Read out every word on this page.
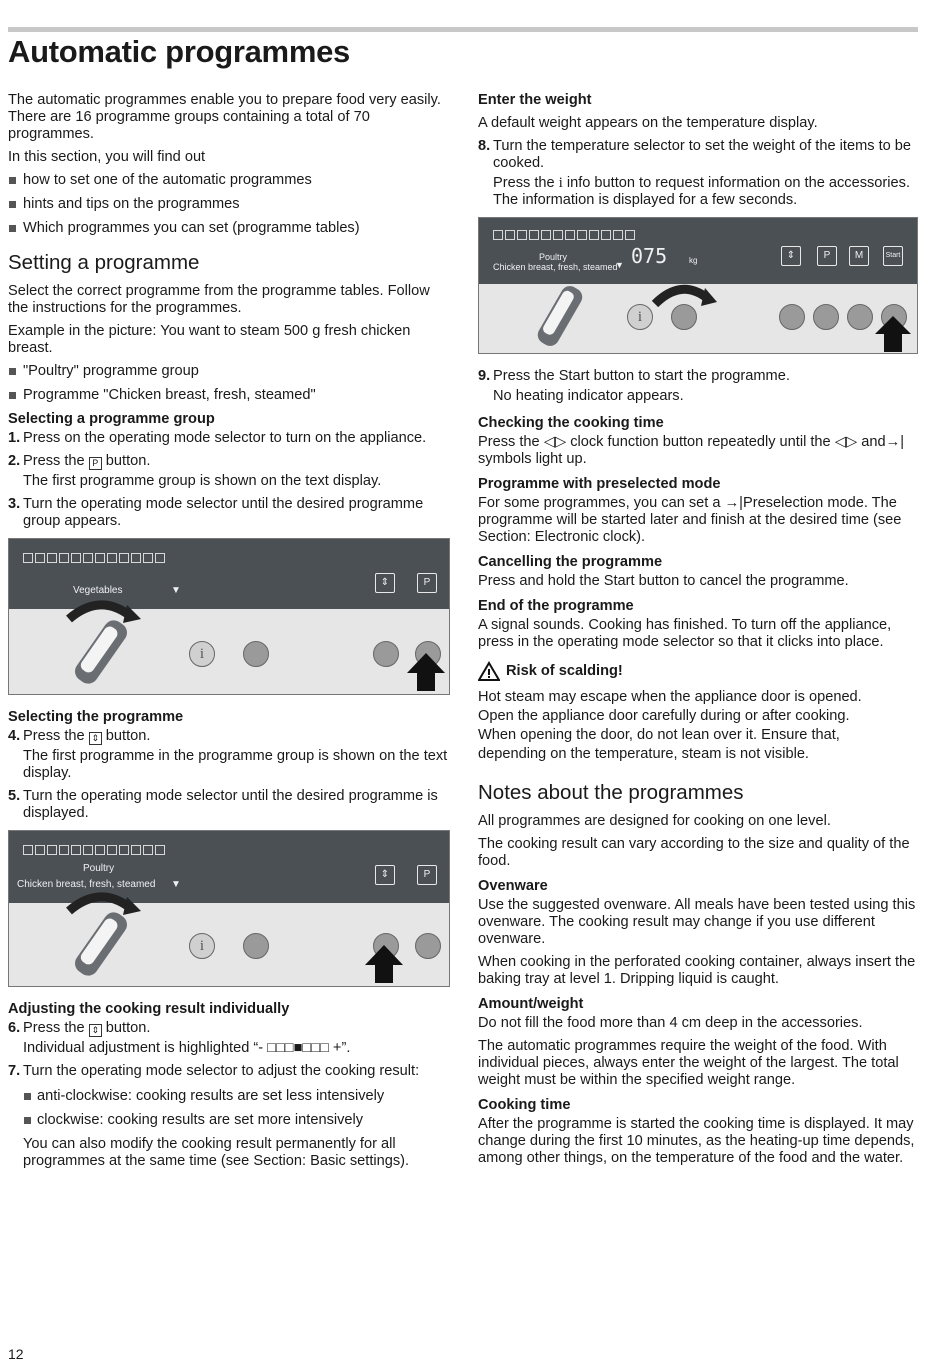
Automatic programmes

The automatic programmes enable you to prepare food very easily. There are 16 programme groups containing a total of 70 programmes.

In this section, you will find out

how to set one of the automatic programmes
hints and tips on the programmes
Which programmes you can set (programme tables)
Setting a programme

Select the correct programme from the programme tables. Follow the instructions for the programmes.

Example in the picture: You want to steam 500 g fresh chicken breast.

"Poultry" programme group
Programme "Chicken breast, fresh, steamed"
Selecting a programme group
1. Press on the operating mode selector to turn on the appliance.
2. Press the P button.
The first programme group is shown on the text display.
3. Turn the operating mode selector until the desired programme group appears.
Vegetables	▼
⇕	P
i
Selecting the programme
4. Press the ⇕ button.
The first programme in the programme group is shown on the text display.
5. Turn the operating mode selector until the desired programme is displayed.
Poultry
Chicken breast, fresh, steamed ▼
⇕	P
i
Adjusting the cooking result individually
6. Press the ⇕ button.
Individual adjustment is highlighted “- □□□■□□□ +”.
7. Turn the operating mode selector to adjust the cooking result:
anti-clockwise: cooking results are set less intensively
clockwise: cooking results are set more intensively
You can also modify the cooking result permanently for all programmes at the same time (see Section: Basic settings).
Enter the weight

A default weight appears on the temperature display.

8. Turn the temperature selector to set the weight of the items to be cooked.
Press the i info button to request information on the accessories. The information is displayed for a few seconds.
Poultry
Chicken breast, fresh, steamed
▼ 075	kg	⇕	P	M	Start
i
9. Press the Start button to start the programme.
No heating indicator appears.
Checking the cooking time

Press the ◁▷ clock function button repeatedly until the ◁▷ and→| symbols light up.

Programme with preselected mode

For some programmes, you can set a →|Preselection mode. The programme will be started later and finish at the desired time (see Section: Electronic clock).

Cancelling the programme

Press and hold the Start button to cancel the programme.

End of the programme

A signal sounds. Cooking has finished. To turn off the appliance, press in the operating mode selector so that it clicks into place.

Risk of scalding!

Hot steam may escape when the appliance door is opened.

Open the appliance door carefully during or after cooking.

When opening the door, do not lean over it. Ensure that,

depending on the temperature, steam is not visible.

Notes about the programmes

All programmes are designed for cooking on one level.

The cooking result can vary according to the size and quality of the food.

Ovenware

Use the suggested ovenware. All meals have been tested using this ovenware. The cooking result may change if you use different ovenware.

When cooking in the perforated cooking container, always insert the baking tray at level 1. Dripping liquid is caught.

Amount/weight

Do not fill the food more than 4 cm deep in the accessories.

The automatic programmes require the weight of the food. With individual pieces, always enter the weight of the largest. The total weight must be within the specified weight range.

Cooking time

After the programme is started the cooking time is displayed. It may change during the first 10 minutes, as the heating-up time depends, among other things, on the temperature of the food and the water.

12
